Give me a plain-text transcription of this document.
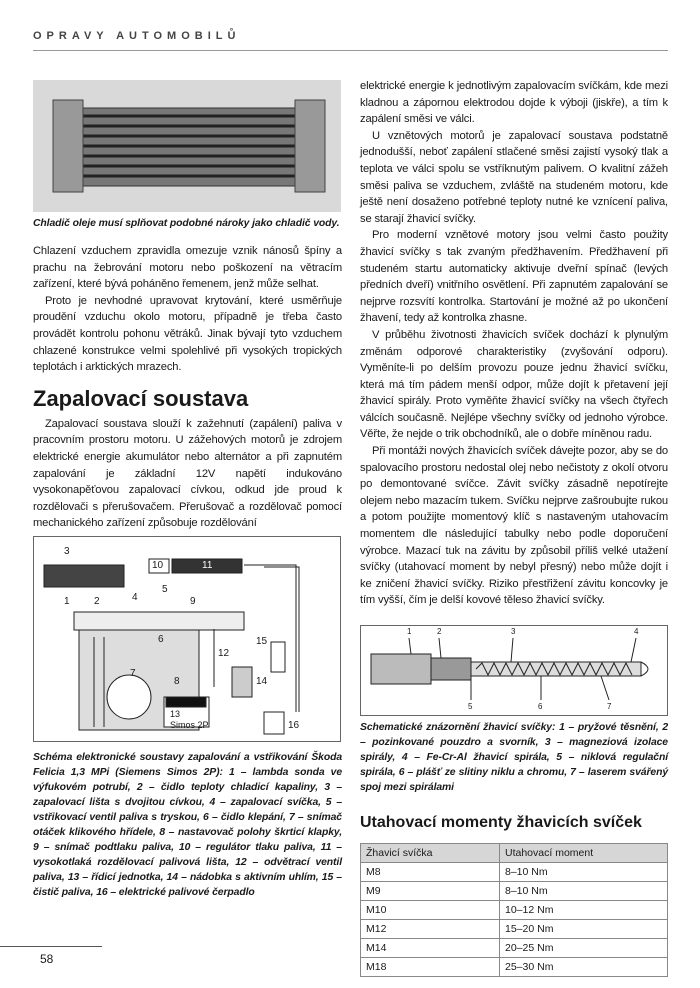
OPRAVY AUTOMOBILŮ
Chladič oleje musí splňovat podobné nároky jako chladič vody.

Chlazení vzduchem zpravidla omezuje vznik nánosů špíny a prachu na žebrování motoru nebo poškození na větracím zařízení, které bývá poháněno řemenem, jenž může selhat.

Proto je nevhodné upravovat krytování, které usměrňuje proudění vzduchu okolo motoru, případně je třeba často provádět kontrolu pohonu větráků. Jinak bývají tyto vzduchem chlazené konstrukce velmi spolehlivé při vysokých tropických teplotách i arktických mrazech.

Zapalovací soustava

Zapalovací soustava slouží k zažehnutí (zapálení) paliva v pracovním prostoru motoru. U zážehových motorů je zdrojem elektrické energie akumulátor nebo alternátor a při zapnutém zapalování je základní 12V napětí indukováno vysokonapěťovou zapalovací cívkou, odkud jde proud k rozdělovači s přerušovačem. Přerušovač a rozdělovač pomocí mechanického zařízení způsobuje rozdělování

3
1 2	4
5
6
7
8
9
10	11
12
13
Simos 2P
14
15
16
Schéma elektronické soustavy zapalování a vstřikování Škoda Felicia 1,3 MPi (Siemens Simos 2P): 1 – lambda sonda ve výfukovém potrubí, 2 – čidlo teploty chladicí kapaliny, 3 – zapalovací lišta s dvojitou cívkou, 4 – zapalovací svíčka, 5 – vstřikovací ventil paliva s tryskou, 6 – čidlo klepání, 7 – snímač otáček klikového hřídele, 8 – nastavovač polohy škrticí klapky, 9 – snímač podtlaku paliva, 10 – regulátor tlaku paliva, 11 – vysokotlaká rozdělovací palivová lišta, 12 – odvětrací ventil paliva, 13 – řídicí jednotka, 14 – nádobka s aktivním uhlím, 15 – čistič paliva, 16 – elektrické palivové čerpadlo

elektrické energie k jednotlivým zapalovacím svíčkám, kde mezi kladnou a zápornou elektrodou dojde k výboji (jiskře), a tím k zapálení směsi ve válci.

U vznětových motorů je zapalovací soustava podstatně jednodušší, neboť zapálení stlačené směsi zajistí vysoký tlak a teplota ve válci spolu se vstříknutým palivem. O kvalitní zážeh směsi paliva se vzduchem, zvláště na studeném motoru, kde ještě není dosaženo potřebné teploty nutné ke vznícení paliva, se starají žhavicí svíčky.

Pro moderní vznětové motory jsou velmi často použity žhavicí svíčky s tak zvaným předžhavením. Předžhavení při studeném startu automaticky aktivuje dveřní spínač (levých předních dveří) vnitřního osvětlení. Při zapnutém zapalování se nejprve rozsvítí kontrolka. Startování je možné až po ukončení žhavení, tedy až kontrolka zhasne.

V průběhu životnosti žhavicích svíček dochází k plynulým změnám odporové charakteristiky (zvyšování odporu). Vyměníte-li po delším provozu pouze jednu žhavicí svíčku, která má tím pádem menší odpor, může dojít k přetavení její žhavicí spirály. Proto vyměňte žhavicí svíčky na všech čtyřech válcích současně. Nejlépe všechny svíčky od jednoho výrobce. Věřte, že nejde o trik obchodníků, ale o dobře míněnou radu.

Při montáži nových žhavicích svíček dávejte pozor, aby se do spalovacího prostoru nedostal olej nebo nečistoty z okolí otvoru po demontované svíčce. Závit svíčky zásadně nepotírejte olejem nebo mazacím tukem. Svíčku nejprve zašroubujte rukou a potom použijte momentový klíč s nastaveným utahovacím momentem dle následující tabulky nebo podle doporučení výrobce. Mazací tuk na závitu by způsobil příliš velké utažení svíčky (utahovací moment by nebyl přesný) nebo může dojít i ke zničení žhavicí svíčky. Riziko přestřižení závitu koncovky je tím vyšší, čím je delší kovové těleso žhavicí svíčky.

1	2	3	4
5	6	7
Schematické znázornění žhavicí svíčky: 1 – pryžové těsnění, 2 – pozinkované pouzdro a svorník, 3 – magneziová izolace spirály, 4 – Fe-Cr-Al žhavicí spirála, 5 – niklová regulační spirála, 6 – plášť ze slitiny niklu a chromu, 7 – laserem svářený spoj mezi spirálami
Utahovací momenty žhavicích svíček
Žhavicí svíčka	Utahovací moment
M8	8–10 Nm
M9	8–10 Nm
M10	10–12 Nm
M12	15–20 Nm
M14	20–25 Nm
M18	25–30 Nm
58
